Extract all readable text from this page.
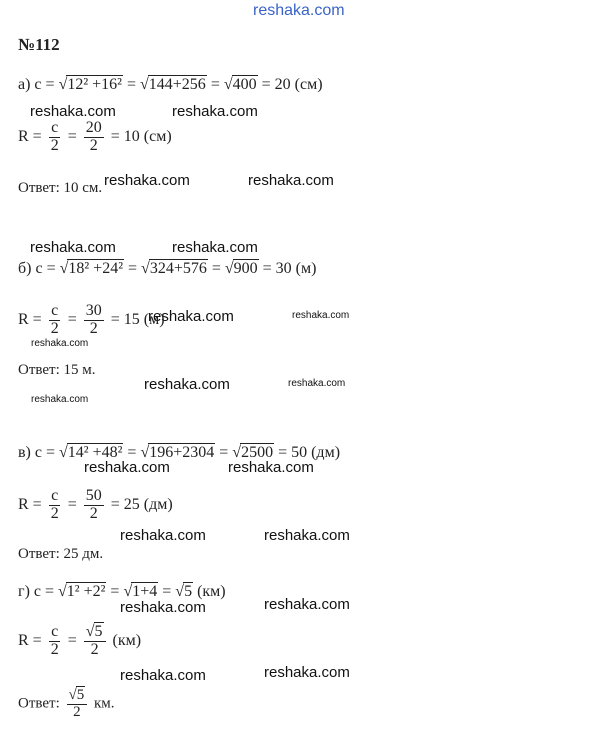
reshaka.com
reshaka.com	reshaka.com
reshaka.com	reshaka.com
reshaka.com	reshaka.com
reshaka.com	reshaka.com
reshaka.com
reshaka.com	reshaka.com
reshaka.com
reshaka.com	reshaka.com
reshaka.com	reshaka.com
reshaka.com	reshaka.com
reshaka.com	reshaka.com
№112
а) c = √12² +16² = √144+256 = √400 = 20 (см)
$R = \frac{c}{2} = \frac{20}{2} = 10$ (см)
Ответ: 10 см.
б) c = √18² +24² = √324+576 = √900 = 30 (м)
$R = \frac{c}{2} = \frac{30}{2} = 15$ (м)
Ответ: 15 м.
в) c = √14² +48² = √196+2304 = √2500 = 50 (дм)
$R = \frac{c}{2} = \frac{50}{2} = 25$ (дм)
Ответ: 25 дм.
г) c = √1² +2² = √1+4 = √5 (км)
$R = \frac{c}{2} = \frac{√5}{2} (км)$
Ответ: $\frac{√5}{2}$ км.
